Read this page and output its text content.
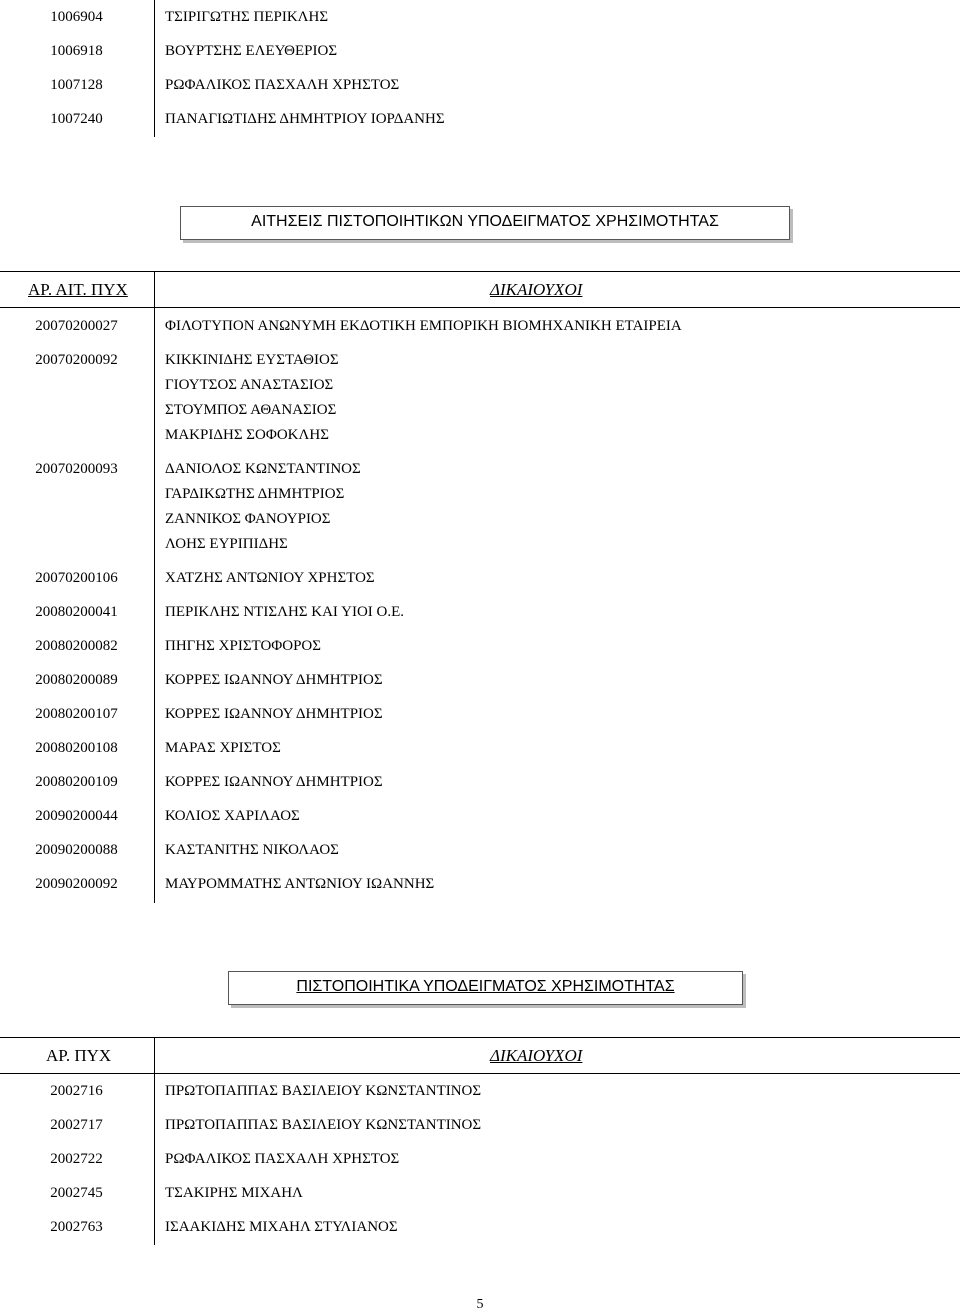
1006904	ΤΣΙΡΙΓΩΤΗΣ ΠΕΡΙΚΛΗΣ
1006918	ΒΟΥΡΤΣΗΣ ΕΛΕΥΘΕΡΙΟΣ
1007128	ΡΩΦΑΛΙΚΟΣ ΠΑΣΧΑΛΗ ΧΡΗΣΤΟΣ
1007240	ΠΑΝΑΓΙΩΤΙΔΗΣ ΔΗΜΗΤΡΙΟΥ ΙΟΡΔΑΝΗΣ
ΑΙΤΗΣΕΙΣ ΠΙΣΤΟΠΟΙΗΤΙΚΩΝ ΥΠΟΔΕΙΓΜΑΤΟΣ ΧΡΗΣΙΜΟΤΗΤΑΣ
ΑΡ. ΑΙΤ. ΠΥΧ	ΔΙΚΑΙΟΥΧΟΙ
20070200027	ΦΙΛΟΤΥΠΟΝ ΑΝΩΝΥΜΗ ΕΚΔΟΤΙΚΗ ΕΜΠΟΡΙΚΗ ΒΙΟΜΗΧΑΝΙΚΗ ΕΤΑΙΡΕΙΑ
20070200092	ΚΙΚΚΙΝΙΔΗΣ ΕΥΣΤΑΘΙΟΣ
ΓΙΟΥΤΣΟΣ ΑΝΑΣΤΑΣΙΟΣ
ΣΤΟΥΜΠΟΣ ΑΘΑΝΑΣΙΟΣ
ΜΑΚΡΙΔΗΣ ΣΟΦΟΚΛΗΣ
20070200093	ΔΑΝΙΟΛΟΣ ΚΩΝΣΤΑΝΤΙΝΟΣ
ΓΑΡΔΙΚΩΤΗΣ ΔΗΜΗΤΡΙΟΣ
ΖΑΝΝΙΚΟΣ ΦΑΝΟΥΡΙΟΣ
ΛΟΗΣ ΕΥΡΙΠΙΔΗΣ
20070200106	ΧΑΤΖΗΣ ΑΝΤΩΝΙΟΥ ΧΡΗΣΤΟΣ
20080200041	ΠΕΡΙΚΛΗΣ ΝΤΙΣΛΗΣ ΚΑΙ ΥΙΟΙ Ο.Ε.
20080200082	ΠΗΓΗΣ ΧΡΙΣΤΟΦΟΡΟΣ
20080200089	ΚΟΡΡΕΣ ΙΩΑΝΝΟΥ ΔΗΜΗΤΡΙΟΣ
20080200107	ΚΟΡΡΕΣ ΙΩΑΝΝΟΥ ΔΗΜΗΤΡΙΟΣ
20080200108	ΜΑΡΑΣ ΧΡΙΣΤΟΣ
20080200109	ΚΟΡΡΕΣ ΙΩΑΝΝΟΥ ΔΗΜΗΤΡΙΟΣ
20090200044	ΚΟΛΙΟΣ ΧΑΡΙΛΑΟΣ
20090200088	ΚΑΣΤΑΝΙΤΗΣ ΝΙΚΟΛΑΟΣ
20090200092	ΜΑΥΡΟΜΜΑΤΗΣ ΑΝΤΩΝΙΟΥ ΙΩΑΝΝΗΣ
ΠΙΣΤΟΠΟΙΗΤΙΚΑ ΥΠΟΔΕΙΓΜΑΤΟΣ ΧΡΗΣΙΜΟΤΗΤΑΣ
ΑΡ. ΠΥΧ	ΔΙΚΑΙΟΥΧΟΙ
2002716	ΠΡΩΤΟΠΑΠΠΑΣ ΒΑΣΙΛΕΙΟΥ ΚΩΝΣΤΑΝΤΙΝΟΣ
2002717	ΠΡΩΤΟΠΑΠΠΑΣ ΒΑΣΙΛΕΙΟΥ ΚΩΝΣΤΑΝΤΙΝΟΣ
2002722	ΡΩΦΑΛΙΚΟΣ ΠΑΣΧΑΛΗ ΧΡΗΣΤΟΣ
2002745	ΤΣΑΚΙΡΗΣ ΜΙΧΑΗΛ
2002763	ΙΣΑΑΚΙΔΗΣ ΜΙΧΑΗΛ ΣΤΥΛΙΑΝΟΣ
5
